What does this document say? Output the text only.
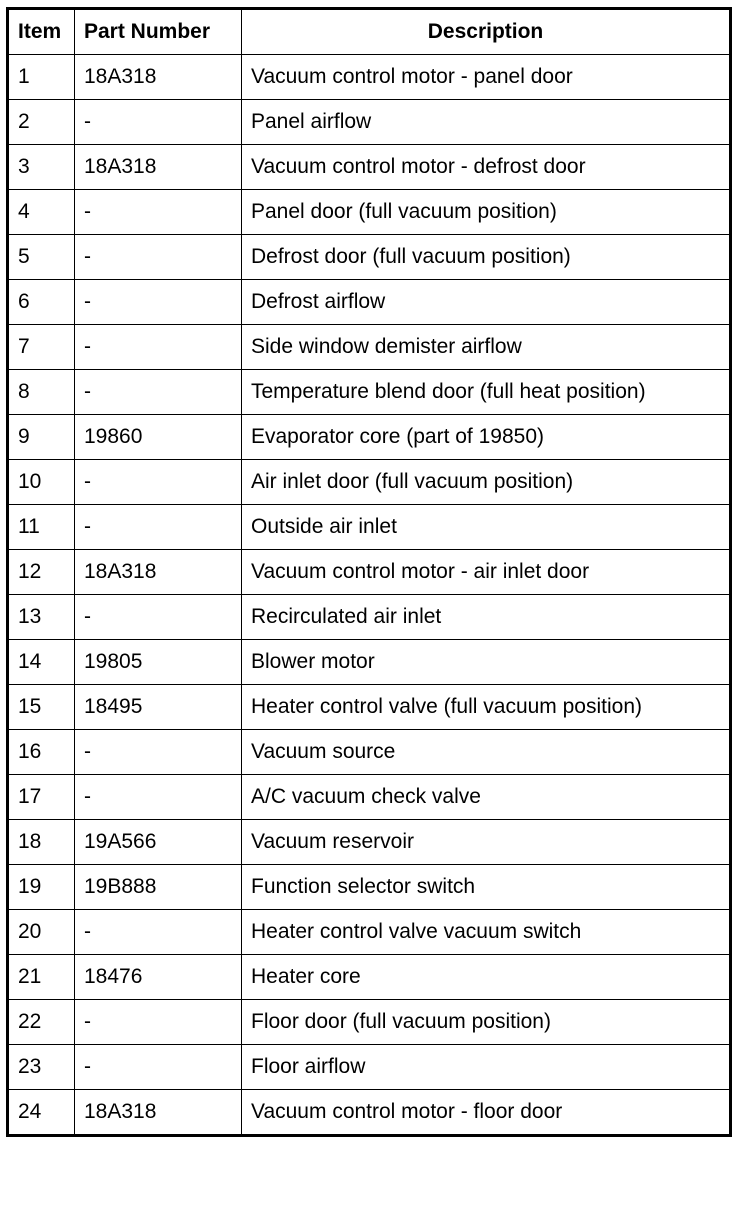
Item	Part Number	Description
1	18A318	Vacuum control motor - panel door
2	-	Panel airflow
3	18A318	Vacuum control motor - defrost door
4	-	Panel door (full vacuum position)
5	-	Defrost door (full vacuum position)
6	-	Defrost airflow
7	-	Side window demister airflow
8	-	Temperature blend door (full heat position)
9	19860	Evaporator core (part of 19850)
10	-	Air inlet door (full vacuum position)
11	-	Outside air inlet
12	18A318	Vacuum control motor - air inlet door
13	-	Recirculated air inlet
14	19805	Blower motor
15	18495	Heater control valve (full vacuum position)
16	-	Vacuum source
17	-	A/C vacuum check valve
18	19A566	Vacuum reservoir
19	19B888	Function selector switch
20	-	Heater control valve vacuum switch
21	18476	Heater core
22	-	Floor door (full vacuum position)
23	-	Floor airflow
24	18A318	Vacuum control motor - floor door
